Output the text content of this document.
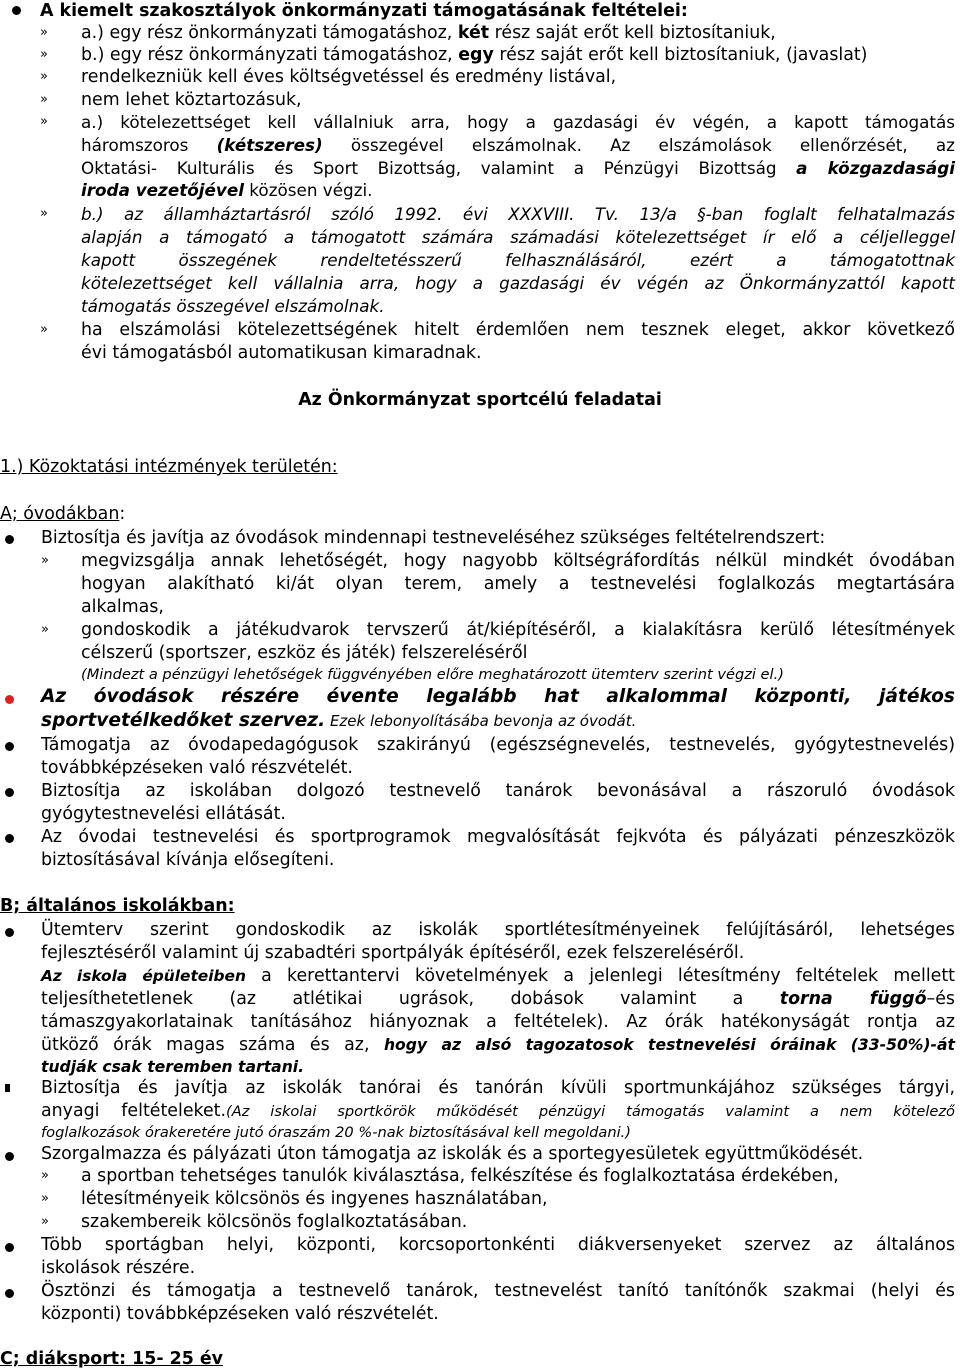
A kiemelt szakosztályok önkormányzati támogatásának feltételei:
» a.) egy rész önkormányzati támogatáshoz, két rész saját erőt kell biztosítaniuk,
» b.) egy rész önkormányzati támogatáshoz, egy rész saját erőt kell biztosítaniuk, (javaslat)
» rendelkezniük kell éves költségvetéssel és eredmény listával,
» nem lehet köztartozásuk,
» a.) kötelezettséget kell vállalniuk arra, hogy a gazdasági év végén, a kapott támogatás
háromszoros (kétszeres) összegével elszámolnak. Az elszámolások ellenőrzését, az
Oktatási- Kulturális és Sport Bizottság, valamint a Pénzügyi Bizottság a közgazdasági
iroda vezetőjével közösen végzi.
» b.) az államháztartásról szóló 1992. évi XXXVIII. Tv. 13/a §-ban foglalt felhatalmazás
alapján a támogató a támogatott számára számadási kötelezettséget ír elő a céljelleggel
kapott összegének rendeltetésszerű felhasználásáról, ezért a támogatottnak
kötelezettséget kell vállalnia arra, hogy a gazdasági év végén az Önkormányzattól kapott
támogatás összegével elszámolnak.
» ha elszámolási kötelezettségének hitelt érdemlően nem tesznek eleget, akkor következő
évi támogatásból automatikusan kimaradnak.
Az Önkormányzat sportcélú feladatai
1.) Közoktatási intézmények területén:
A; óvodákban:
Biztosítja és javítja az óvodások mindennapi testneveléséhez szükséges feltételrendszert:
» megvizsgálja annak lehetőségét, hogy nagyobb költségráfordítás nélkül mindkét óvodában
hogyan alakítható ki/át olyan terem, amely a testnevelési foglalkozás megtartására
alkalmas,
» gondoskodik a játékudvarok tervszerű át/kiépítéséről, a kialakításra kerülő létesítmények
célszerű (sportszer, eszköz és játék) felszereléséről
(Mindezt a pénzügyi lehetőségek függvényében előre meghatározott ütemterv szerint végzi el.)
Az óvodások részére évente legalább hat alkalommal központi, játékos
sportvetélkedőket szervez. Ezek lebonyolításába bevonja az óvodát.
Támogatja az óvodapedagógusok szakirányú (egészségnevelés, testnevelés, gyógytestnevelés)
továbbképzéseken való részvételét.
Biztosítja az iskolában dolgozó testnevelő tanárok bevonásával a rászoruló óvodások
gyógytestnevelési ellátását.
Az óvodai testnevelési és sportprogramok megvalósítását fejkvóta és pályázati pénzeszközök
biztosításával kívánja elősegíteni.
B; általános iskolákban:
Ütemterv szerint gondoskodik az iskolák sportlétesítményeinek felújításáról, lehetséges
fejlesztéséről valamint új szabadtéri sportpályák építéséről, ezek felszereléséről.
Az iskola épületeiben a kerettantervi követelmények a jelenlegi létesítmény feltételek mellett
teljesíthetetlenek (az atlétikai ugrások, dobások valamint a torna függő–és
támaszgyakorlatainak tanításához hiányoznak a feltételek). Az órák hatékonyságát rontja az
ütköző órák magas száma és az, hogy az alsó tagozatosok testnevelési óráinak (33-50%)-át
tudják csak teremben tartani.
Biztosítja és javítja az iskolák tanórai és tanórán kívüli sportmunkájához szükséges tárgyi,
anyagi feltételeket.(Az iskolai sportkörök működését pénzügyi támogatás valamint a nem kötelező
foglalkozások órakeretére jutó óraszám 20 %-nak biztosításával kell megoldani.)
Szorgalmazza és pályázati úton támogatja az iskolák és a sportegyesületek együttműködését.
» a sportban tehetséges tanulók kiválasztása, felkészítése és foglalkoztatása érdekében,
» létesítményeik kölcsönös és ingyenes használatában,
» szakembereik kölcsönös foglalkoztatásában.
Több sportágban helyi, központi, korcsoportonkénti diákversenyeket szervez az általános
iskolások részére.
Ösztönzi és támogatja a testnevelő tanárok, testnevelést tanító tanítónők szakmai (helyi és
központi) továbbképzéseken való részvételét.
C; diáksport: 15- 25 év
